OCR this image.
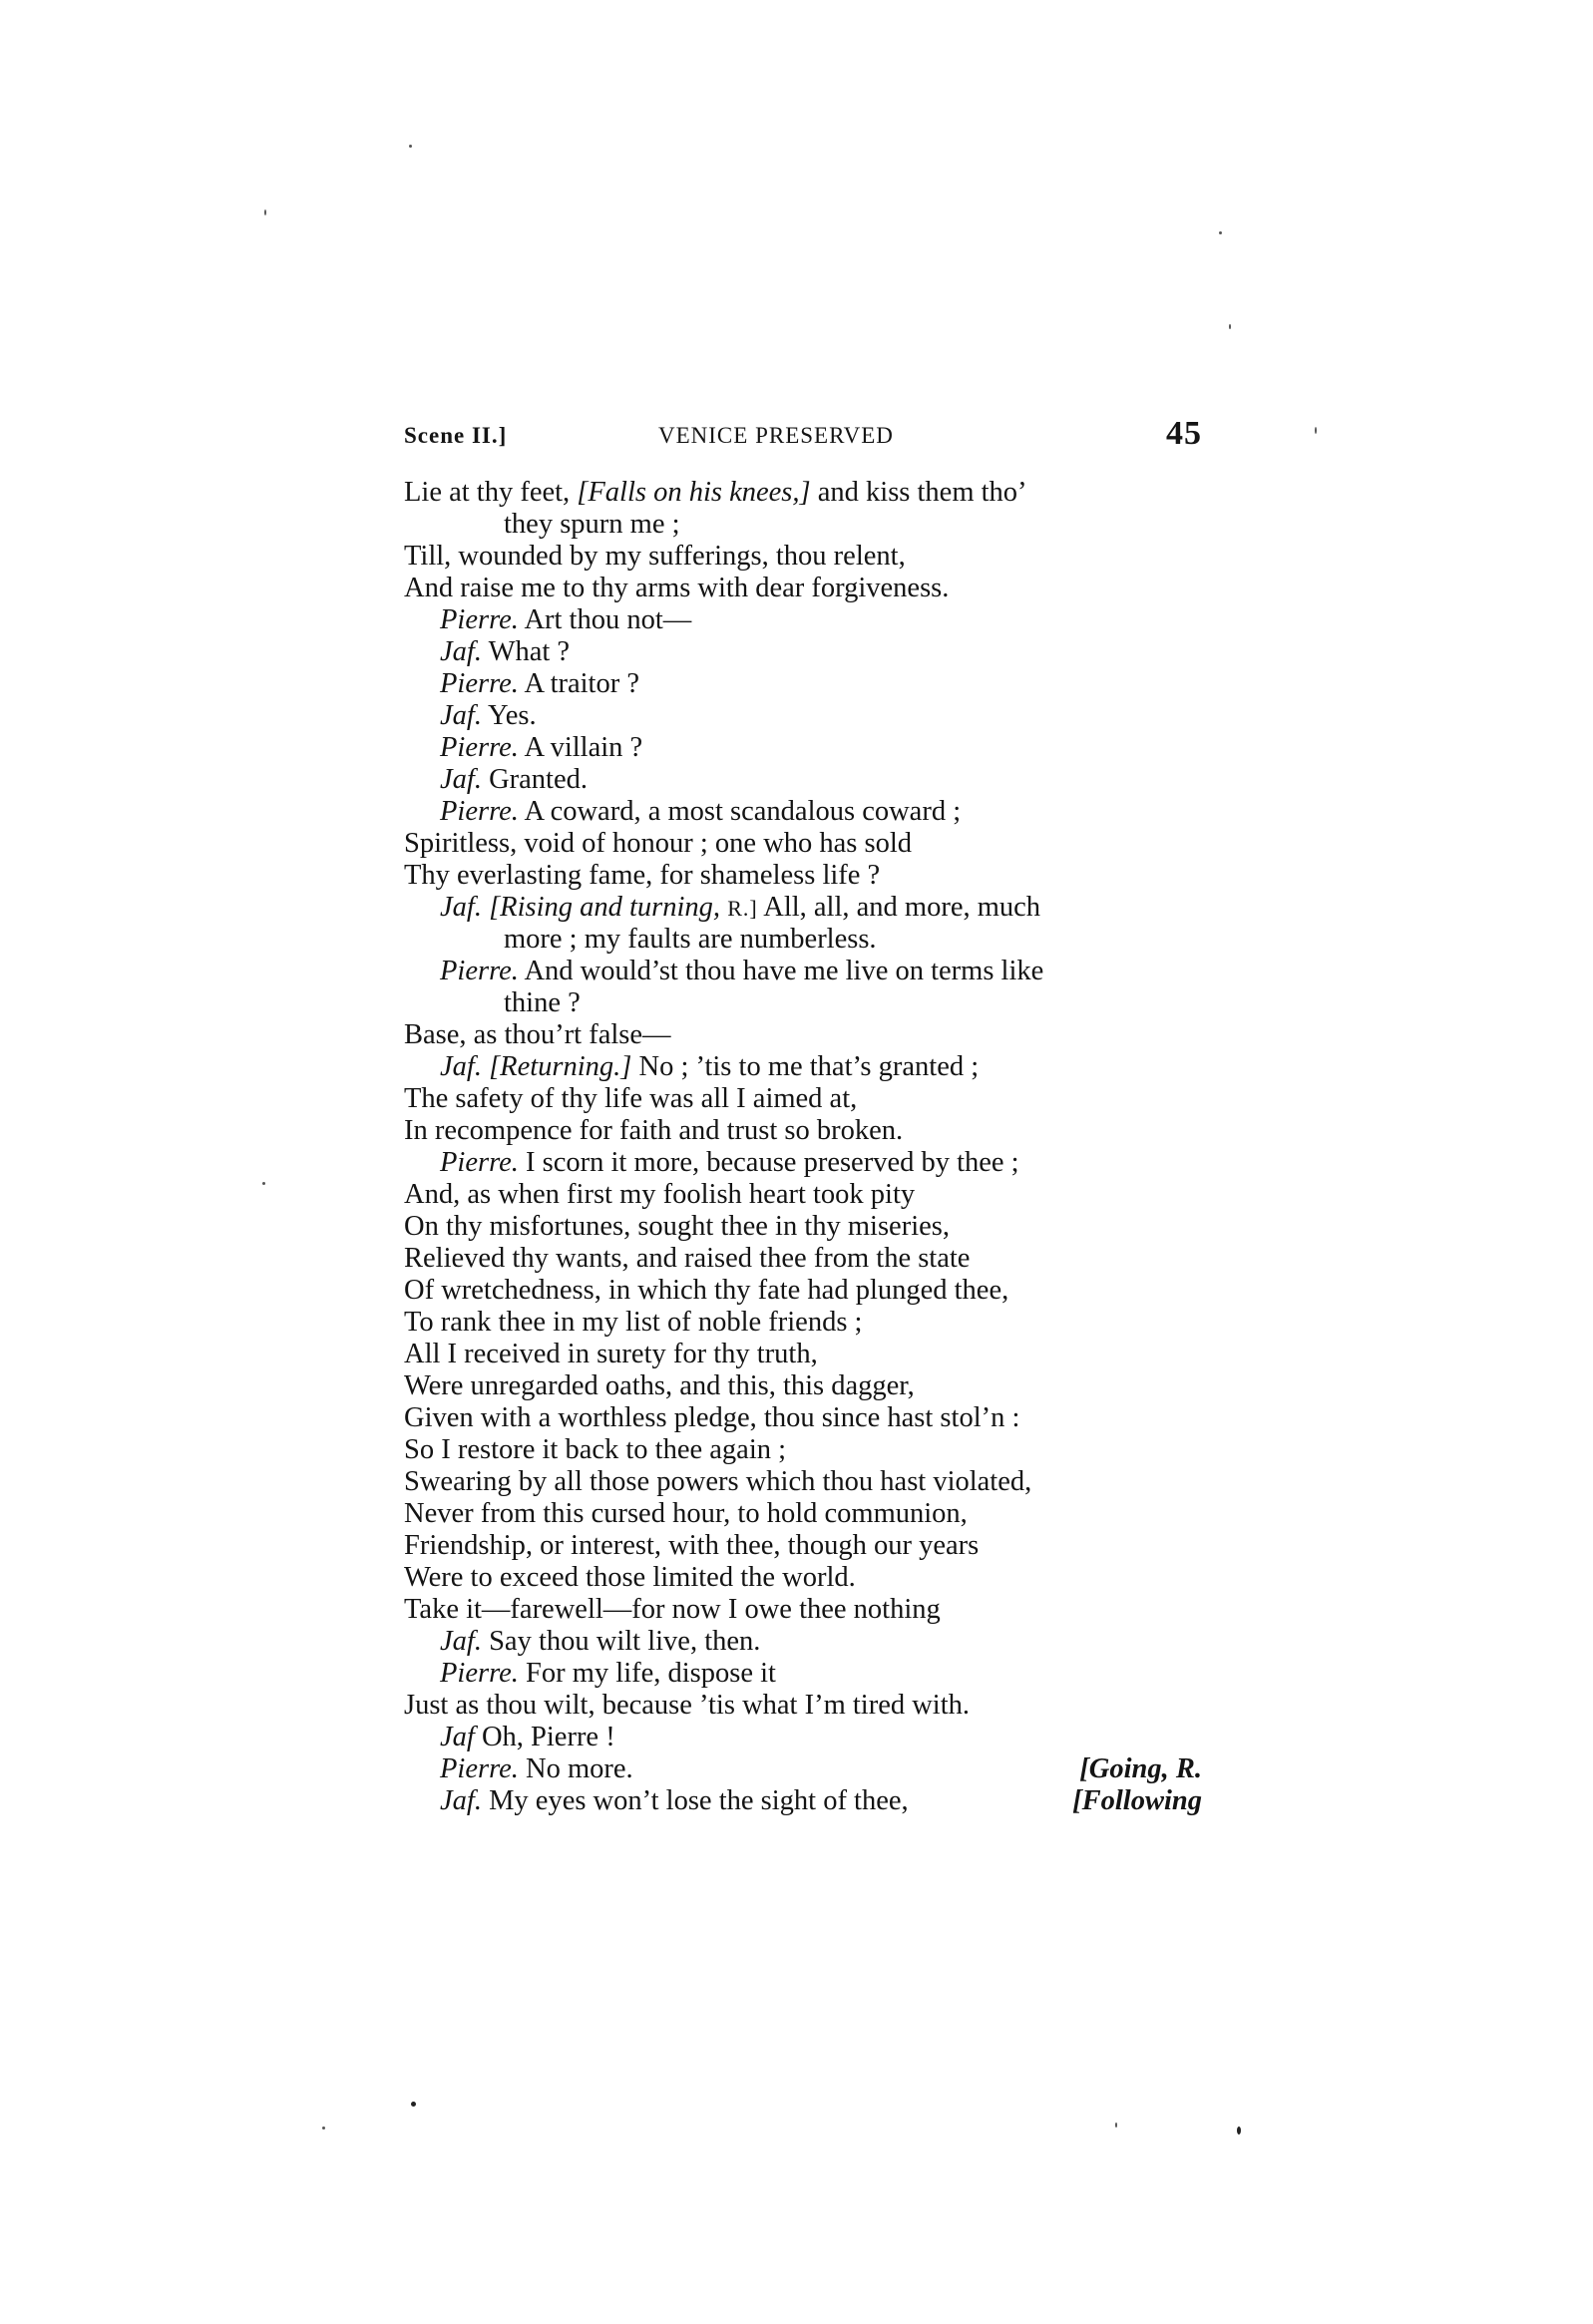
Scene II.]	VENICE PRESERVED	45
Lie at thy feet, [Falls on his knees,] and kiss them tho’
they spurn me ;
Till, wounded by my sufferings, thou relent,
And raise me to thy arms with dear forgiveness.
Pierre. Art thou not—
Jaf. What ?
Pierre. A traitor ?
Jaf. Yes.
Pierre. A villain ?
Jaf. Granted.
Pierre. A coward, a most scandalous coward ;
Spiritless, void of honour ; one who has sold
Thy everlasting fame, for shameless life ?
Jaf. [Rising and turning, R.] All, all, and more, much
more ; my faults are numberless.
Pierre. And would’st thou have me live on terms like
thine ?
Base, as thou’rt false—
Jaf. [Returning.] No ; ’tis to me that’s granted ;
The safety of thy life was all I aimed at,
In recompence for faith and trust so broken.
Pierre. I scorn it more, because preserved by thee ;
And, as when first my foolish heart took pity
On thy misfortunes, sought thee in thy miseries,
Relieved thy wants, and raised thee from the state
Of wretchedness, in which thy fate had plunged thee,
To rank thee in my list of noble friends ;
All I received in surety for thy truth,
Were unregarded oaths, and this, this dagger,
Given with a worthless pledge, thou since hast stol’n :
So I restore it back to thee again ;
Swearing by all those powers which thou hast violated,
Never from this cursed hour, to hold communion,
Friendship, or interest, with thee, though our years
Were to exceed those limited the world.
Take it—farewell—for now I owe thee nothing
Jaf. Say thou wilt live, then.
Pierre. For my life, dispose it
Just as thou wilt, because ’tis what I’m tired with.
Jaf Oh, Pierre !
Pierre. No more.	[Going, R.
Jaf. My eyes won’t lose the sight of thee,	[Following
